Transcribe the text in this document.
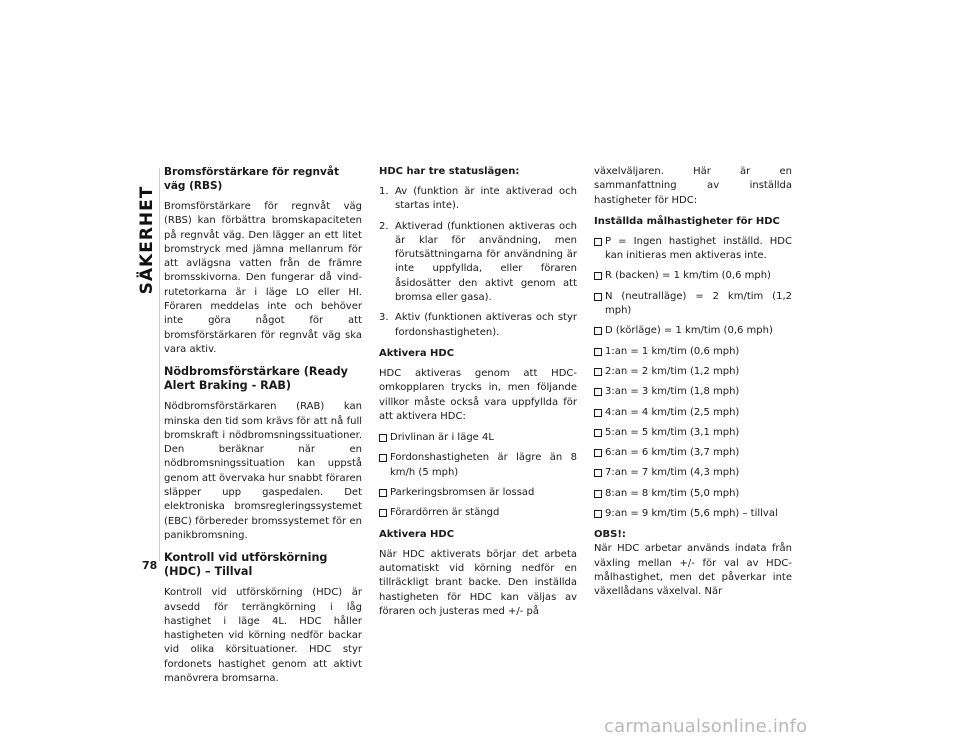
SÄKERHET
78
Bromsförstärkare för regnvåt väg (RBS)

Bromsförstärkare för regnvåt väg (RBS) kan förbättra bromskapaciteten på regnvåt väg. Den lägger an ett litet bromstryck med jämna mellanrum för att avlägsna vatten från de främre bromsskivorna. Den fungerar då vindrutetorkarna är i läge LO eller HI. Föraren meddelas inte och behöver inte göra något för att bromsförstärkaren för regnvåt väg ska vara aktiv.

Nödbromsförstärkare (Ready Alert Braking - RAB)

Nödbromsförstärkaren (RAB) kan minska den tid som krävs för att nå full bromskraft i nödbromsningssituationer. Den beräknar när en nödbromsningssituation kan uppstå genom att övervaka hur snabbt föraren släpper upp gaspedalen. Det elektroniska bromsregleringssystemet (EBC) förbereder bromssystemet för en panikbromsning.

Kontroll vid utförskörning (HDC) – Tillval

Kontroll vid utförskörning (HDC) är avsedd för terrängkörning i låg hastighet i läge 4L. HDC håller hastigheten vid körning nedför backar vid olika körsituationer. HDC styr fordonets hastighet genom att aktivt manövrera bromsarna.

HDC har tre statuslägen:
1. Av (funktion är inte aktiverad och startas inte).
2. Aktiverad (funktionen aktiveras och är klar för användning, men förutsättningarna för användning är inte uppfyllda, eller föraren åsidosätter den aktivt genom att bromsa eller gasa).
3. Aktiv (funktionen aktiveras och styr fordonshastigheten).
Aktivera HDC

HDC aktiveras genom att HDC-omkopplaren trycks in, men följande villkor måste också vara uppfyllda för att aktivera HDC:

Drivlinan är i läge 4L
Fordonshastigheten är lägre än 8 km/h (5 mph)
Parkeringsbromsen är lossad
Förardörren är stängd
Aktivera HDC

När HDC aktiverats börjar det arbeta automatiskt vid körning nedför en tillräckligt brant backe. Den inställda hastigheten för HDC kan väljas av föraren och justeras med +/- på

växelväljaren. Här är en sammanfattning av inställda hastigheter för HDC:

Inställda målhastigheter för HDC
P = Ingen hastighet inställd. HDC kan initieras men aktiveras inte.
R (backen) = 1 km/tim (0,6 mph)
N (neutralläge) = 2 km/tim (1,2 mph)
D (körläge) = 1 km/tim (0,6 mph)
1:an = 1 km/tim (0,6 mph)
2:an = 2 km/tim (1,2 mph)
3:an = 3 km/tim (1,8 mph)
4:an = 4 km/tim (2,5 mph)
5:an = 5 km/tim (3,1 mph)
6:an = 6 km/tim (3,7 mph)
7:an = 7 km/tim (4,3 mph)
8:an = 8 km/tim (5,0 mph)
9:an = 9 km/tim (5,6 mph) – tillval
OBS!:

När HDC arbetar används indata från växling mellan +/- för val av HDC-målhastighet, men det påverkar inte växellådans växelval. När

carmanualsonline.info
